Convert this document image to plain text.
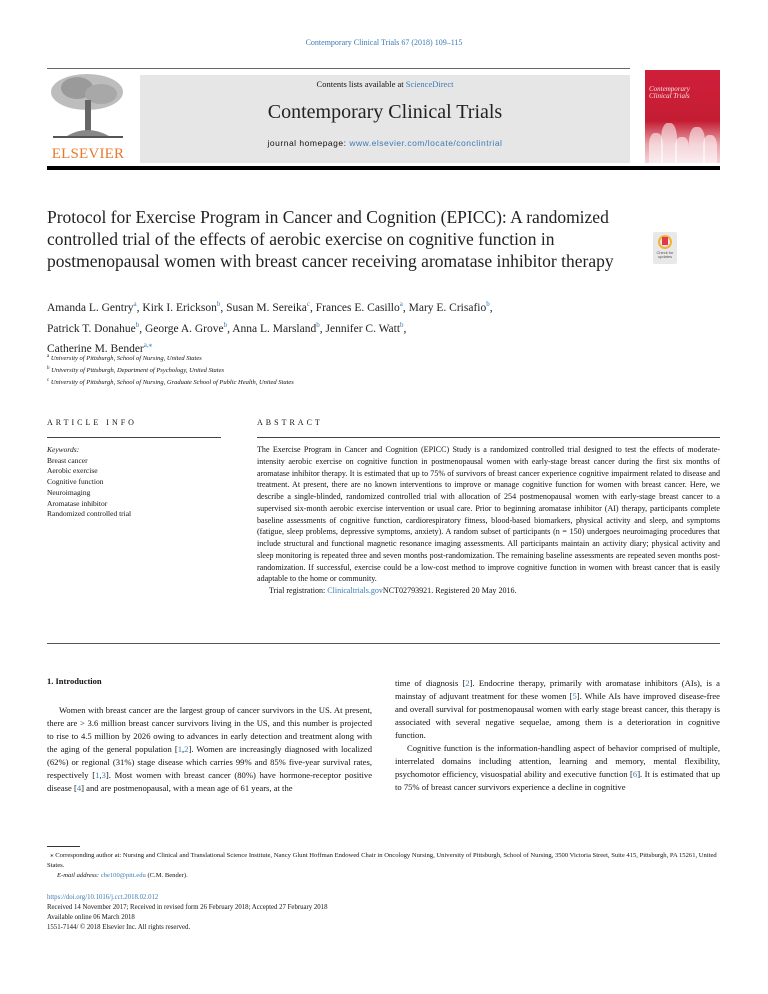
Contemporary Clinical Trials 67 (2018) 109–115
ELSEVIER
Contents lists available at ScienceDirect
Contemporary Clinical Trials
journal homepage: www.elsevier.com/locate/conclintrial
Contemporary
Clinical Trials
Protocol for Exercise Program in Cancer and Cognition (EPICC): A randomized controlled trial of the effects of aerobic exercise on cognitive function in postmenopausal women with breast cancer receiving aromatase inhibitor therapy	Check for
updates
Amanda L. Gentry$^a$, Kirk I. Erickson$^b$, Susan M. Sereika$^c$, Frances E. Casillo$^a$, Mary E. Crisafio$^b$,
Patrick T. Donahue$^b$, George A. Grove$^b$, Anna L. Marsland$^b$, Jennifer C. Watt$^b$,
Catherine M. Bender$^{a,⁎}$
$^a$ University of Pittsburgh, School of Nursing, United States
$^b$ University of Pittsburgh, Department of Psychology, United States
$^c$ University of Pittsburgh, School of Nursing, Graduate School of Public Health, United States
ARTICLE INFO
Keywords:
Breast cancer
Aerobic exercise
Cognitive function
Neuroimaging
Aromatase inhibitor
Randomized controlled trial
ABSTRACT

The Exercise Program in Cancer and Cognition (EPICC) Study is a randomized controlled trial designed to test the effects of moderate-intensity aerobic exercise on cognitive function in postmenopausal women with early-stage breast cancer during the first six months of aromatase inhibitor therapy. It is estimated that up to 75% of survivors of breast cancer experience cognitive impairment related to disease and treatment. At present, there are no known interventions to improve or manage cognitive function for women with breast cancer. Here, we describe a single-blinded, randomized controlled trial with allocation of 254 postmenopausal women with early-stage breast cancer to a supervised six-month aerobic exercise intervention or usual care. Prior to beginning aromatase inhibitor (AI) therapy, participants complete baseline assessments of cognitive function, cardiorespiratory fitness, blood-based biomarkers, physical activity and sleep, and symptoms (fatigue, sleep problems, depressive symptoms, anxiety). A random subset of participants (n = 150) undergoes neuroimaging procedures that include structural and functional magnetic resonance imaging assessments. All participants maintain an activity diary; physical activity and sleep monitoring is repeated three and seven months post-randomization. The remaining baseline assessments are repeated seven months post-randomization. If successful, exercise could be a low-cost method to improve cognitive function in women with breast cancer that is easily adaptable to the home or community.

Trial registration: Clinicaltrials.govNCT02793921. Registered 20 May 2016.

1. Introduction

Women with breast cancer are the largest group of cancer survivors in the US. At present, there are > 3.6 million breast cancer survivors living in the US, and this number is projected to rise to 4.5 million by 2026 owing to advances in early detection and treatment along with the aging of the general population [1,2]. Women are increasingly diagnosed with localized (62%) or regional (31%) stage disease which carries 99% and 85% five-year survival rates, respectively [1,3]. Most women with breast cancer (80%) have hormone-receptor positive disease [4] and are postmenopausal, with a mean age of 61 years, at the

time of diagnosis [2]. Endocrine therapy, primarily with aromatase inhibitors (AIs), is a mainstay of adjuvant treatment for these women [5]. While AIs have improved disease-free and overall survival for postmenopausal women with early stage breast cancer, this therapy is associated with several negative sequelae, among them is a deterioration in cognitive function.

Cognitive function is the information-handling aspect of behavior comprised of multiple, interrelated domains including attention, learning and memory, mental flexibility, psychomotor efficiency, visuospatial ability and executive function [6]. It is estimated that up to 75% of breast cancer survivors experience a decline in cognitive

⁎ Corresponding author at: Nursing and Clinical and Translational Science Institute, Nancy Glunt Hoffman Endowed Chair in Oncology Nursing, University of Pittsburgh, School of Nursing, 3500 Victoria Street, Suite 415, Pittsburgh, PA 15261, United States.

E-mail address: cbe100@pitt.edu (C.M. Bender).

https://doi.org/10.1016/j.cct.2018.02.012
Received 14 November 2017; Received in revised form 26 February 2018; Accepted 27 February 2018
Available online 06 March 2018
1551-7144/ © 2018 Elsevier Inc. All rights reserved.
